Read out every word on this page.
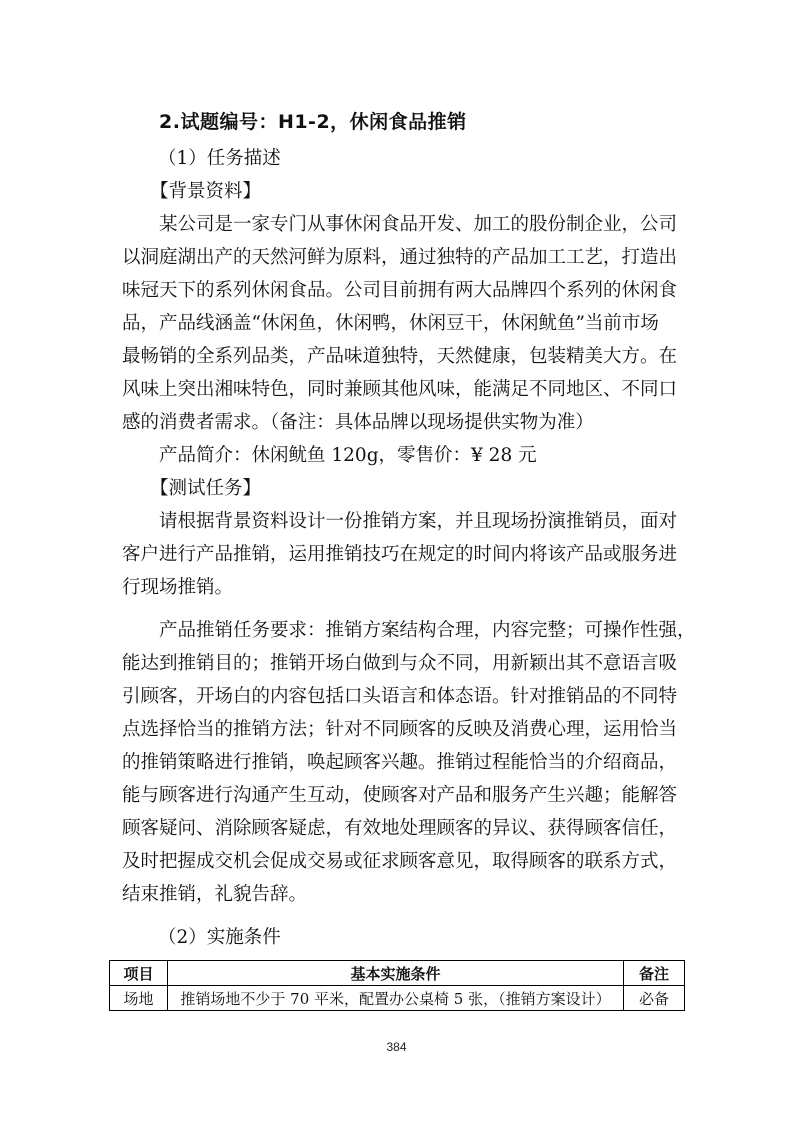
2.试题编号：H1-2，休闲食品推销
（1）任务描述
【背景资料】
某公司是一家专门从事休闲食品开发、加工的股份制企业，公司
以洞庭湖出产的天然河鲜为原料，通过独特的产品加工工艺，打造出
味冠天下的系列休闲食品。公司目前拥有两大品牌四个系列的休闲食
品，产品线涵盖“休闲鱼，休闲鸭，休闲豆干，休闲鱿鱼”当前市场
最畅销的全系列品类，产品味道独特，天然健康，包装精美大方。在
风味上突出湘味特色，同时兼顾其他风味，能满足不同地区、不同口
感的消费者需求。（备注：具体品牌以现场提供实物为准）
产品简介：休闲鱿鱼 120g，零售价：¥ 28 元
【测试任务】
请根据背景资料设计一份推销方案，并且现场扮演推销员，面对
客户进行产品推销，运用推销技巧在规定的时间内将该产品或服务进
行现场推销。
产品推销任务要求：推销方案结构合理，内容完整；可操作性强，
能达到推销目的；推销开场白做到与众不同，用新颖出其不意语言吸
引顾客，开场白的内容包括口头语言和体态语。针对推销品的不同特
点选择恰当的推销方法；针对不同顾客的反映及消费心理，运用恰当
的推销策略进行推销，唤起顾客兴趣。推销过程能恰当的介绍商品，
能与顾客进行沟通产生互动，使顾客对产品和服务产生兴趣；能解答
顾客疑问、消除顾客疑虑，有效地处理顾客的异议、获得顾客信任，
及时把握成交机会促成交易或征求顾客意见，取得顾客的联系方式，
结束推销，礼貌告辞。
（2）实施条件
项目	基本实施条件	备注
场地	推销场地不少于 70 平米，配置办公桌椅 5 张，（推销方案设计）	必备
384
